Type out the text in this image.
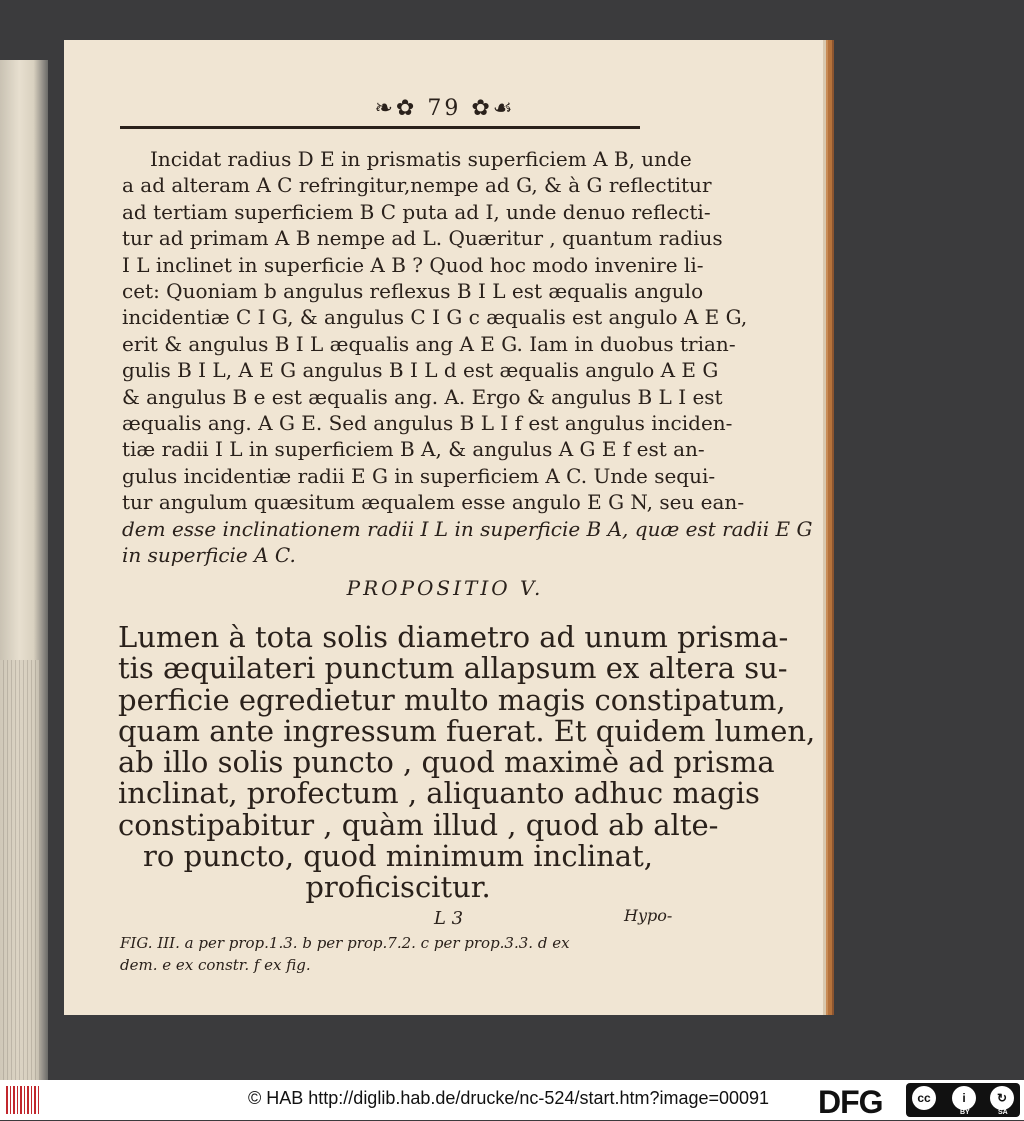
❧✿ 79 ✿☙
Incidat radius D E in prismatis superficiem A B, unde
a ad alteram A C refringitur,nempe ad G, & à G reflectitur
ad tertiam superficiem B C puta ad I, unde denuo reflecti-
tur ad primam A B nempe ad L. Quæritur , quantum radius
I L inclinet in superficie A B ? Quod hoc modo invenire li-
cet: Quoniam b angulus reflexus B I L est æqualis angulo
incidentiæ C I G, & angulus C I G c æqualis est angulo A E G,
erit & angulus B I L æqualis ang A E G. Iam in duobus trian-
gulis B I L, A E G angulus B I L d est æqualis angulo A E G
& angulus B e est æqualis ang. A. Ergo & angulus B L I est
æqualis ang. A G E. Sed angulus B L I f est angulus inciden-
tiæ radii I L in superficiem B A, & angulus A G E f est an-
gulus incidentiæ radii E G in superficiem A C. Unde sequi-
tur angulum quæsitum æqualem esse angulo E G N, seu ean-
dem esse inclinationem radii I L in superficie B A, quæ est radii E G
in superficie A C.
PROPOSITIO V.
Lumen à tota solis diametro ad unum prisma-
tis æquilateri punctum allapsum ex altera su-
perficie egredietur multo magis constipatum,
quam ante ingressum fuerat. Et quidem lumen,
ab illo solis puncto , quod maximè ad prisma
inclinat, profectum , aliquanto adhuc magis
constipabitur , quàm illud , quod ab alte-
ro puncto, quod minimum inclinat,
proficiscitur.
L 3	Hypo-
FIG. III. a per prop.1.3. b per prop.7.2. c per prop.3.3. d ex
dem. e ex constr. f ex fig.
© HAB http://diglib.hab.de/drucke/nc-524/start.htm?image=00091 DFG	cc	i	↻
BY	SA
